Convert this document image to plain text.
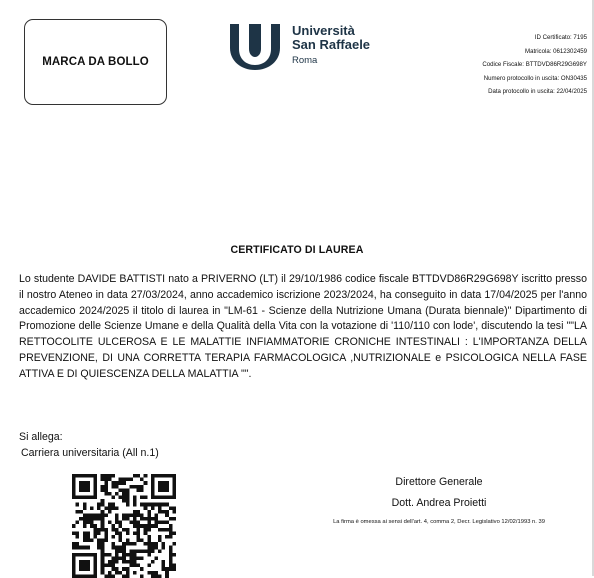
MARCA DA BOLLO
Università
San Raffaele
Roma
ID Certificato: 7195
Matricola: 0612302459
Codice Fiscale: BTTDVD86R29G698Y
Numero protocollo in uscita: ON30435
Data protocollo in uscita: 22/04/2025
CERTIFICATO DI LAUREA
Lo studente DAVIDE BATTISTI nato a PRIVERNO (LT) il 29/10/1986 codice fiscale BTTDVD86R29G698Y iscritto presso il nostro Ateneo in data 27/03/2024, anno accademico iscrizione 2023/2024, ha conseguito in data 17/04/2025 per l'anno accademico 2024/2025 il titolo di laurea in "LM-61 - Scienze della Nutrizione Umana (Durata biennale)" Dipartimento di Promozione delle Scienze Umane e della Qualità della Vita con la votazione di '110/110 con lode', discutendo la tesi ""LA RETTOCOLITE ULCEROSA E LE MALATTIE INFIAMMATORIE CRONICHE INTESTINALI : L'IMPORTANZA DELLA PREVENZIONE, DI UNA CORRETTA TERAPIA FARMACOLOGICA ,NUTRIZIONALE e PSICOLOGICA NELLA FASE ATTIVA E DI QUIESCENZA DELLA MALATTIA "".
Si allega:
Carriera universitaria (All n.1)
Direttore Generale
Dott. Andrea Proietti
La firma è omessa ai sensi dell'art. 4, comma 2, Decr. Legislativo 12/02/1993 n. 39
